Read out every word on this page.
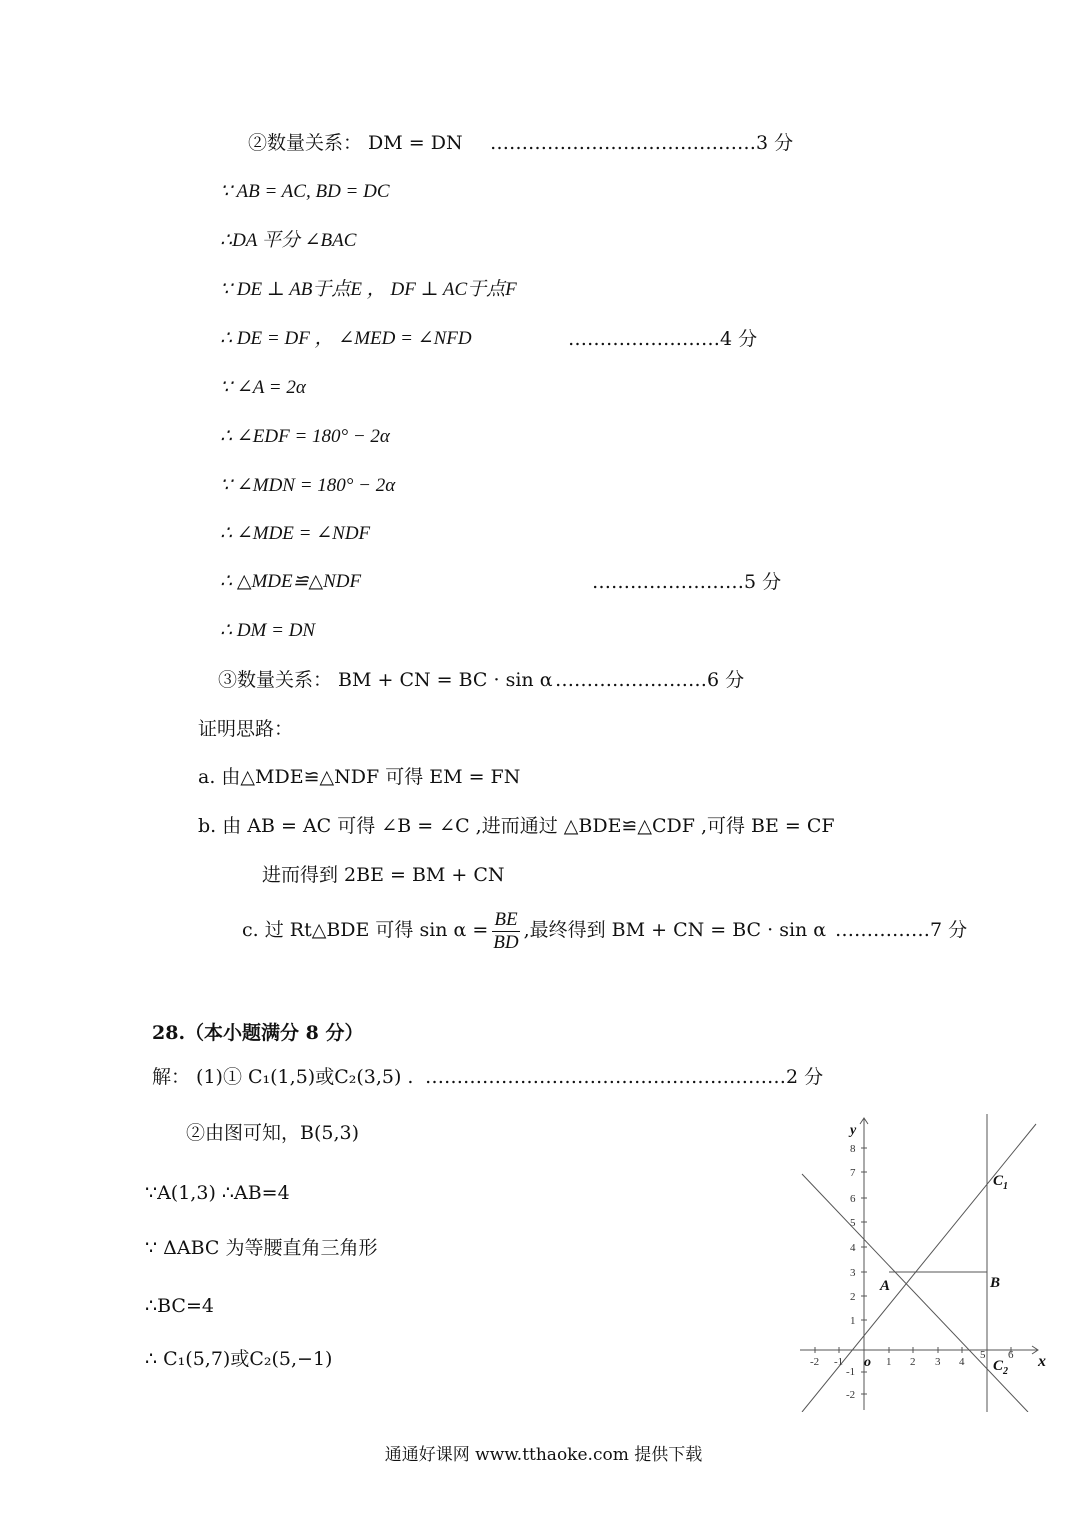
②数量关系： DM = DN ……………………………………3 分
∵ AB = AC, BD = DC
∴DA 平分 ∠BAC
∵ DE ⊥ AB于点E ， DF ⊥ AC于点F
∴ DE = DF ， ∠MED = ∠NFD	……………………4 分
∵ ∠A = 2α
∴ ∠EDF = 180° − 2α
∵ ∠MDN = 180° − 2α
∴ ∠MDE = ∠NDF
∴ △MDE≌△NDF	……………………5 分
∴ DM = DN
③数量关系： BM + CN = BC · sin α ……………………6 分
证明思路：
a. 由△MDE≌△NDF 可得 EM = FN
b. 由 AB = AC 可得 ∠B = ∠C ,进而通过 △BDE≌△CDF ,可得 BE = CF
进而得到 2BE = BM + CN
c. 过 Rt△BDE 可得 $\sin \alpha = \frac{BE}{BD}$ ,最终得到 BM + CN = BC · sin α ……………7 分
28.（本小题满分 8 分）
解： (1)① C₁(1,5)或C₂(3,5) . …………………………………………………2 分
②由图可知，B(5,3)
∵A(1,3) ∴AB=4
∵ ΔABC 为等腰直角三角形
∴BC=4
∴ C₁(5,7)或C₂(5,−1)	-2 -1	1 2 3 4
5 6
-2
-1
1
2
3
4
5
6
7
8
o	x
y
A	B
$C_1$
$C_2$
通通好课网 www.tthaoke.com 提供下载
